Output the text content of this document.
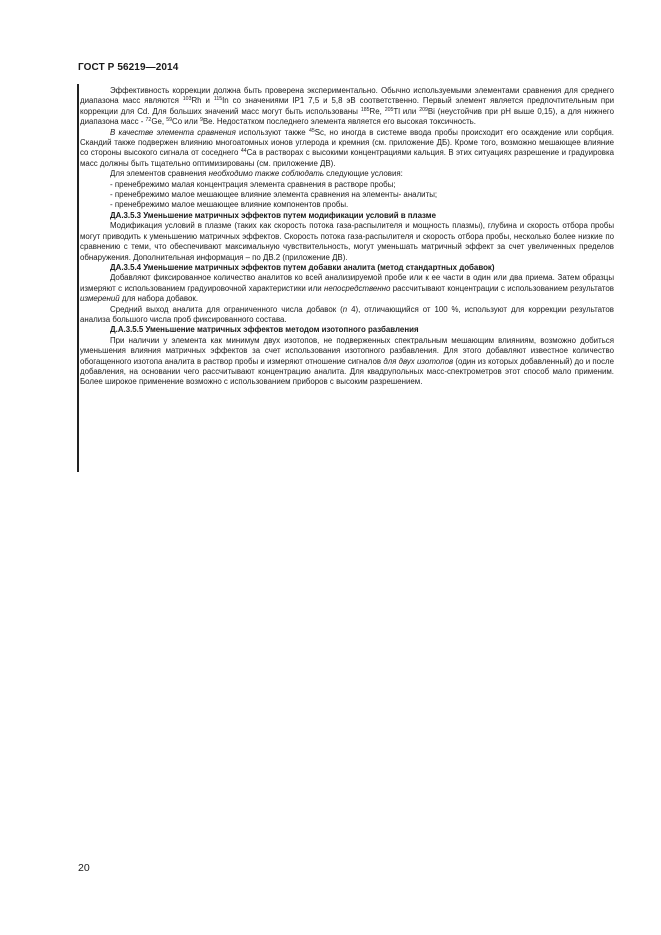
ГОСТ Р 56219—2014

Эффективность коррекции должна быть проверена экспериментально. Обычно используемыми элементами сравнения для среднего диапазона масс являются $^{103}$Rh и $^{115}$In со значениями IP1 7,5 и 5,8 эВ соответственно. Первый элемент является предпочтительным при коррекции для Cd. Для больших значений масс могут быть использованы $^{185}$Re, $^{205}$Tl или $^{209}$Bi (неустойчив при pH выше 0,15), а для нижнего диапазона масс - $^{72}$Ge, $^{59}$Co или $^9$Be. Недостатком последнего элемента является его высокая токсичность.

В качестве элемента сравнения используют также $^{45}$Sc, но иногда в системе ввода пробы происходит его осаждение или сорбция. Скандий также подвержен влиянию многоатомных ионов углерода и кремния (см. приложение ДБ). Кроме того, возможно мешающее влияние со стороны высокого сигнала от соседнего $^{44}$Ca в растворах с высокими концентрациями кальция. В этих ситуациях разрешение и градуировка масс должны быть тщательно оптимизированы (см. приложение ДВ).

Для элементов сравнения необходимо также соблюдать следующие условия:

- пренебрежимо малая концентрация элемента сравнения в растворе пробы;

- пренебрежимо малое мешающее влияние элемента сравнения на элементы- аналиты;

- пренебрежимо малое мешающее влияние компонентов пробы.

ДА.3.5.3 Уменьшение матричных эффектов путем модификации условий в плазме

Модификация условий в плазме (таких как скорость потока газа-распылителя и мощность плазмы), глубина и скорость отбора пробы могут приводить к уменьшению матричных эффектов. Скорость потока газа-распылителя и скорость отбора пробы, несколько более низкие по сравнению с теми, что обеспечивают максимальную чувствительность, могут уменьшать матричный эффект за счет увеличенных пределов обнаружения. Дополнительная информация – по ДВ.2 (приложение ДВ).

ДА.3.5.4 Уменьшение матричных эффектов путем добавки аналита (метод стандартных добавок)

Добавляют фиксированное количество аналитов ко всей анализируемой пробе или к ее части в один или два приема. Затем образцы измеряют с использованием градуировочной характеристики или непосредственно рассчитывают концентрации с использованием результатов измерений для набора добавок.

Средний выход аналита для ограниченного числа добавок (n 4), отличающийся от 100 %, используют для коррекции результатов анализа большого числа проб фиксированного состава.

Д.А.3.5.5 Уменьшение матричных эффектов методом изотопного разбавления

При наличии у элемента как минимум двух изотопов, не подверженных спектральным мешающим влияниям, возможно добиться уменьшения влияния матричных эффектов за счет использования изотопного разбавления. Для этого добавляют известное количество обогащенного изотопа аналита в раствор пробы и измеряют отношение сигналов для двух изотопов (один из которых добавленный) до и после добавления, на основании чего рассчитывают концентрацию аналита. Для квадрупольных масс-спектрометров этот способ мало применим. Более широкое применение возможно с использованием приборов с высоким разрешением.

20
